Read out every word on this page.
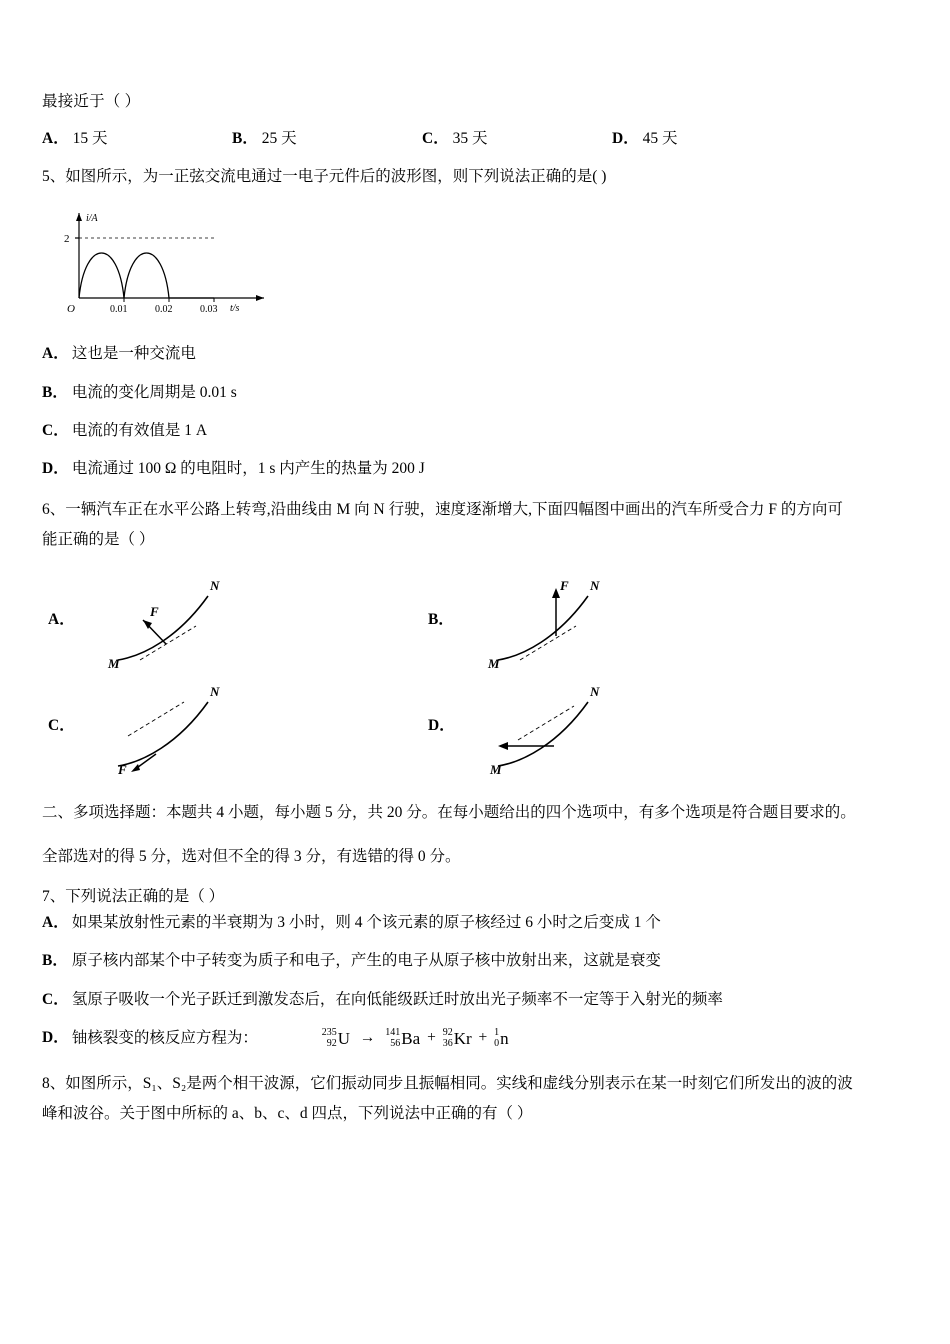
最接近于（ ）

A． 15 天	B． 25 天	C． 35 天	D． 45 天

5、如图所示，为一正弦交流电通过一电子元件后的波形图，则下列说法正确的是( )

2
i/A
O	0.01	0.02	0.03 t/s

A． 这也是一种交流电

B． 电流的变化周期是 0.01 s

C． 电流的有效值是 1 A

D． 电流通过 100 Ω 的电阻时，1 s 内产生的热量为 200 J

6、一辆汽车正在水平公路上转弯,沿曲线由 M 向 N 行驶，速度逐渐增大,下面四幅图中画出的汽车所受合力 F 的方向可

能正确的是（ ）

A．	F
M
N
B．
F
M
N
C．
F
N
D．
M
N

二、多项选择题：本题共 4 小题，每小题 5 分，共 20 分。在每小题给出的四个选项中，有多个选项是符合题目要求的。

全部选对的得 5 分，选对但不全的得 3 分，有选错的得 0 分。

7、下列说法正确的是（ ）

A． 如果某放射性元素的半衰期为 3 小时，则 4 个该元素的原子核经过 6 小时之后变成 1 个

B． 原子核内部某个中子转变为质子和电子，产生的电子从原子核中放射出来，这就是衰变

C． 氢原子吸收一个光子跃迁到激发态后，在向低能级跃迁时放出光子频率不一定等于入射光的频率

D． 铀核裂变的核反应方程为：	235
92 U → 141
56 Ba + 92
36 Kr + 1
0 n

8、如图所示，S₁、S₂是两个相干波源，它们振动同步且振幅相同。实线和虚线分别表示在某一时刻它们所发出的波的波

峰和波谷。关于图中所标的 a、b、c、d 四点，下列说法中正确的有（ ）
